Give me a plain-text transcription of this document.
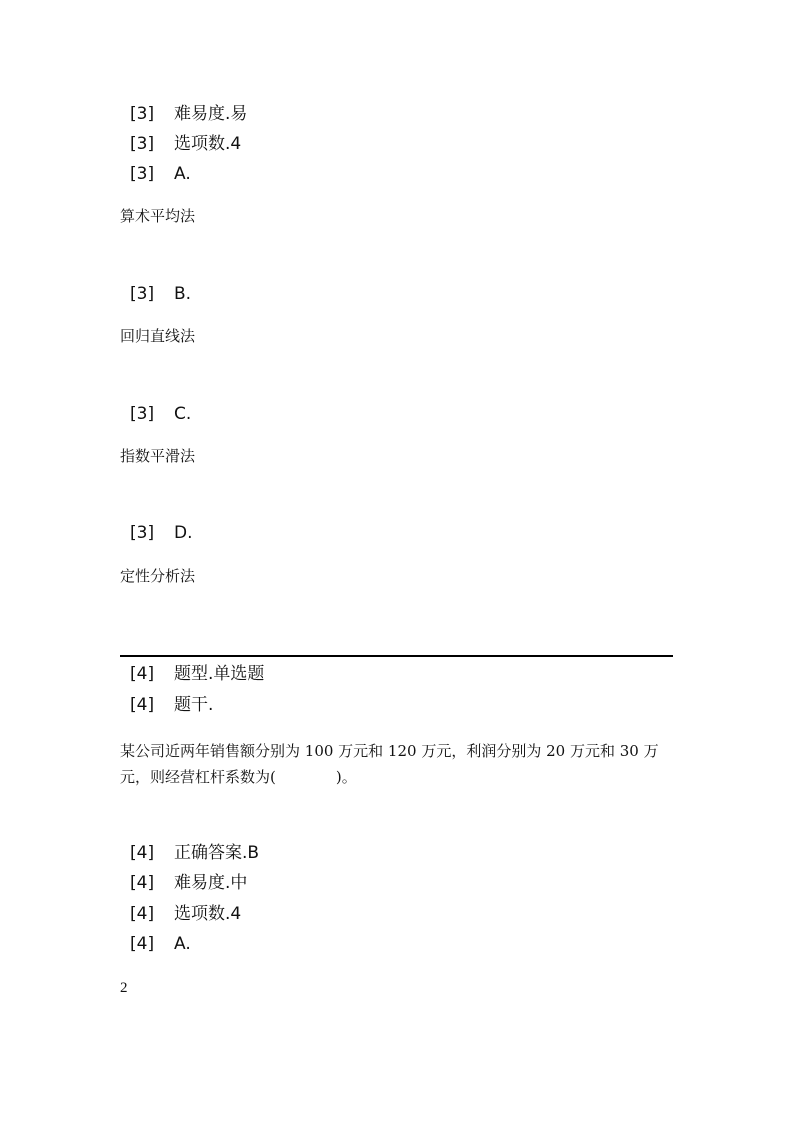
[3] 难易度.易
[3] 选项数.4
[3] A.
算术平均法
[3] B.
回归直线法
[3] C.
指数平滑法
[3] D.
定性分析法
[4] 题型.单选题
[4] 题干.
某公司近两年销售额分别为 100 万元和 120 万元，利润分别为 20 万元和 30 万
元，则经营杠杆系数为(　　　　)。
[4] 正确答案.B
[4] 难易度.中
[4] 选项数.4
[4] A.
2
